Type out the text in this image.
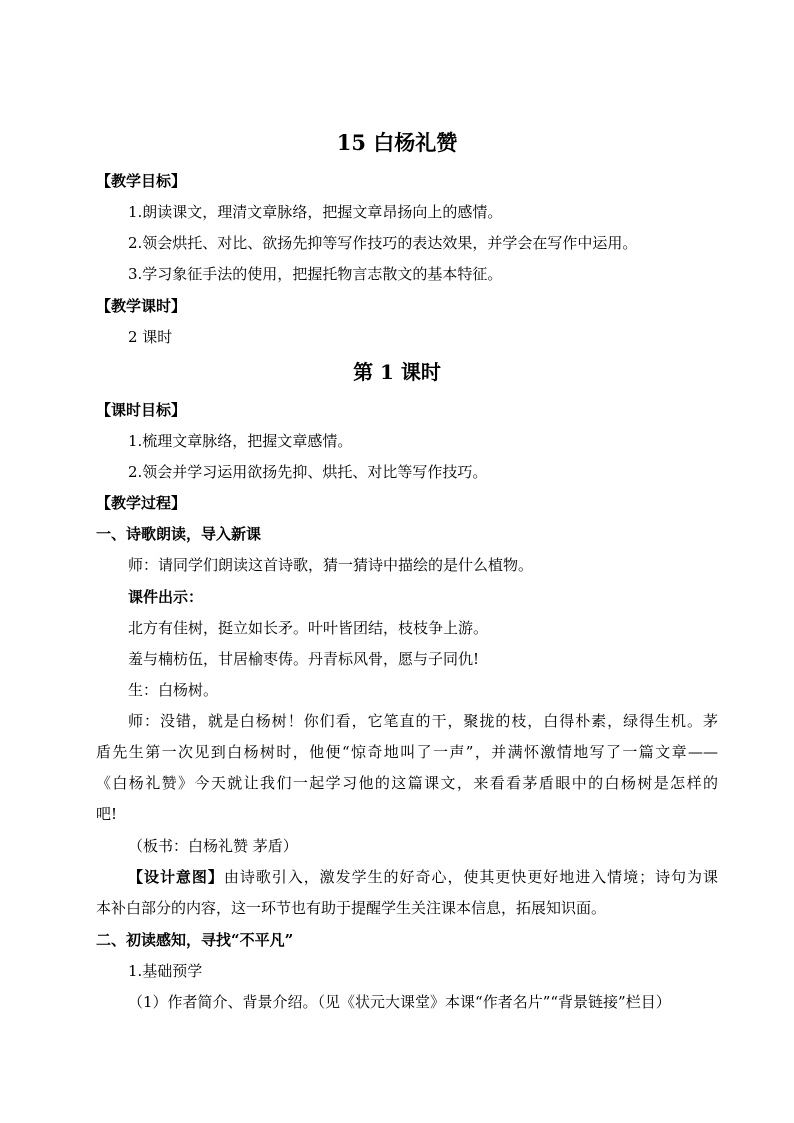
15 白杨礼赞
【教学目标】
1.朗读课文，理清文章脉络，把握文章昂扬向上的感情。
2.领会烘托、对比、欲扬先抑等写作技巧的表达效果，并学会在写作中运用。
3.学习象征手法的使用，把握托物言志散文的基本特征。
【教学课时】
2 课时
第 1 课时
【课时目标】
1.梳理文章脉络，把握文章感情。
2.领会并学习运用欲扬先抑、烘托、对比等写作技巧。
【教学过程】
一、诗歌朗读，导入新课
师：请同学们朗读这首诗歌，猜一猜诗中描绘的是什么植物。
课件出示：
北方有佳树，挺立如长矛。叶叶皆团结，枝枝争上游。
羞与楠枋伍，甘居榆枣俦。丹青标风骨，愿与子同仇!
生：白杨树。
师：没错，就是白杨树！你们看，它笔直的干，聚拢的枝，白得朴素，绿得生机。茅
盾先生第一次见到白杨树时，他便“惊奇地叫了一声”，并满怀激情地写了一篇文章——
《白杨礼赞》今天就让我们一起学习他的这篇课文，来看看茅盾眼中的白杨树是怎样的
吧!
（板书：白杨礼赞 茅盾）
【设计意图】由诗歌引入，激发学生的好奇心，使其更快更好地进入情境；诗句为课
本补白部分的内容，这一环节也有助于提醒学生关注课本信息，拓展知识面。
二、初读感知，寻找“不平凡”
1.基础预学
（1）作者简介、背景介绍。（见《状元大课堂》本课“作者名片”“背景链接”栏目）
